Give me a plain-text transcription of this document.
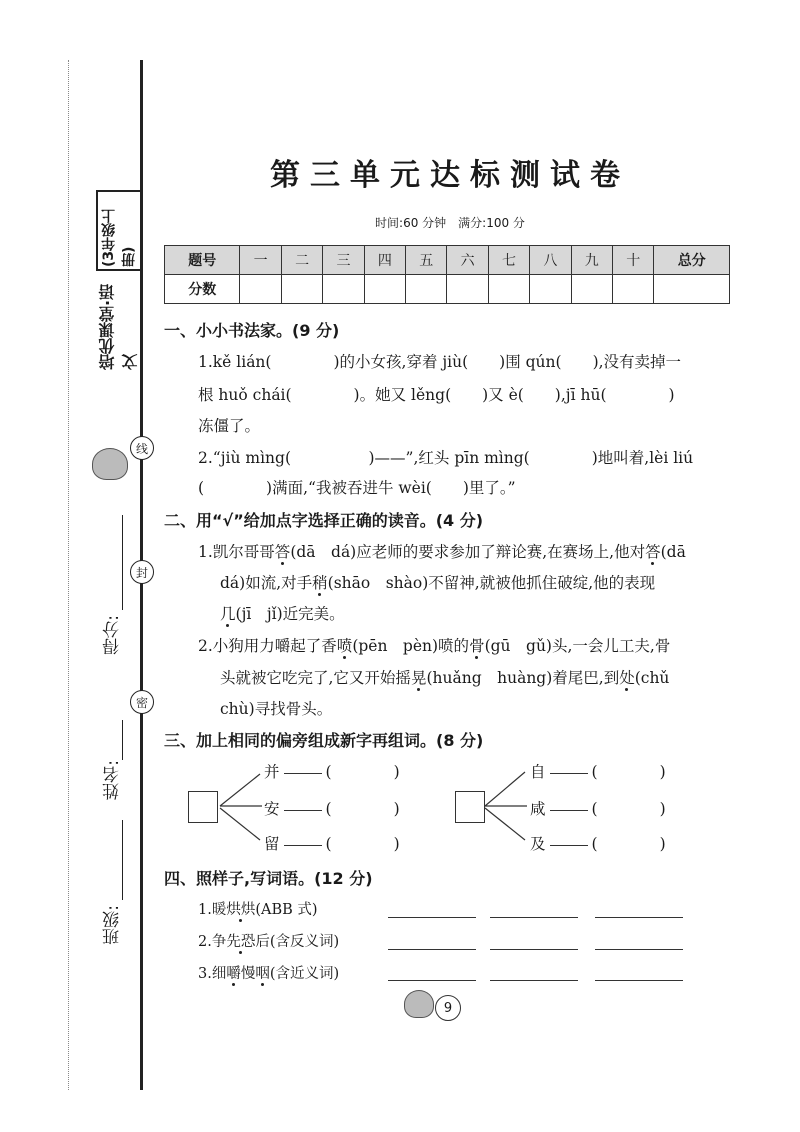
培优课堂·语文
(3年级上册)
线
封
密
得分:
姓名:
班级:
第三单元达标测试卷
时间:60 分钟　满分:100 分
题号	一	二	三	四	五	六	七	八	九	十	总分
分数											
一、小小书法家。(9 分)
1.kě lián(　　　　)的小女孩,穿着 jiù(　　)围 qún(　　),没有卖掉一
根 huǒ chái(　　　　)。她又 lěng(　　)又 è(　　),jī hū(　　　　)
冻僵了。
2.“jiù mìng(　　　　　)——”,红头 pīn mìng(　　　　)地叫着,lèi liú
(　　　　)满面,“我被吞进牛 wèi(　　)里了。”
二、用“√”给加点字选择正确的读音。(4 分)
1.凯尔哥哥答(dā　dá)应老师的要求参加了辩论赛,在赛场上,他对答(dā
dá)如流,对手稍(shāo　shào)不留神,就被他抓住破绽,他的表现
几(jī　jǐ)近完美。
2.小狗用力嚼起了香喷(pēn　pèn)喷的骨(gū　gǔ)头,一会儿工夫,骨
头就被它吃完了,它又开始摇晃(huǎng　huàng)着尾巴,到处(chǔ
chù)寻找骨头。
三、加上相同的偏旁组成新字再组词。(8 分)
并	(　　　　)
安	(　　　　)
留	(　　　　)
自	(　　　　)
咸	(　　　　)
及	(　　　　)
四、照样子,写词语。(12 分)
1.暖烘烘(ABB 式)
2.争先恐后(含反义词)
3.细嚼慢咽(含近义词)
9
